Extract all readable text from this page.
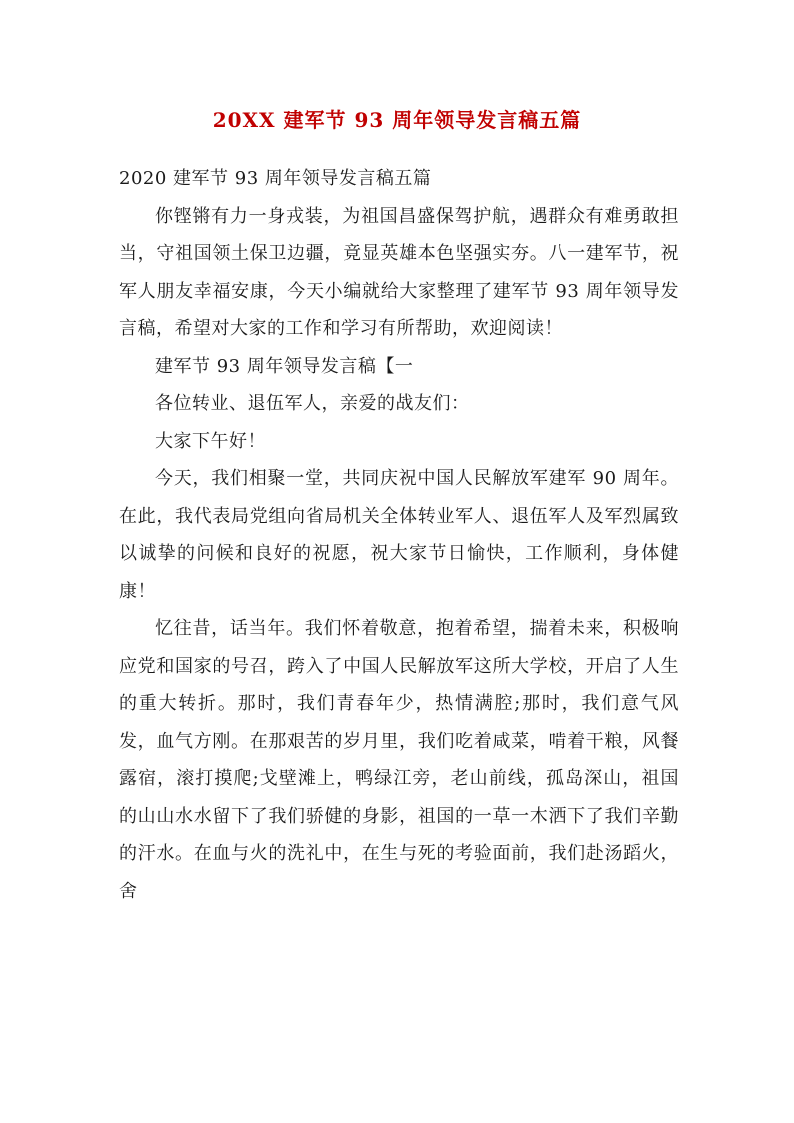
20XX 建军节 93 周年领导发言稿五篇

2020 建军节 93 周年领导发言稿五篇

你铿锵有力一身戎装，为祖国昌盛保驾护航，遇群众有难勇敢担当，守祖国领土保卫边疆，竟显英雄本色坚强实夯。八一建军节，祝军人朋友幸福安康，今天小编就给大家整理了建军节 93 周年领导发言稿，希望对大家的工作和学习有所帮助，欢迎阅读！

建军节 93 周年领导发言稿【一

各位转业、退伍军人，亲爱的战友们：

大家下午好！

今天，我们相聚一堂，共同庆祝中国人民解放军建军 90 周年。在此，我代表局党组向省局机关全体转业军人、退伍军人及军烈属致以诚挚的问候和良好的祝愿，祝大家节日愉快，工作顺利，身体健康！

忆往昔，话当年。我们怀着敬意，抱着希望，揣着未来，积极响应党和国家的号召，跨入了中国人民解放军这所大学校，开启了人生的重大转折。那时，我们青春年少，热情满腔;那时，我们意气风发，血气方刚。在那艰苦的岁月里，我们吃着咸菜，啃着干粮，风餐露宿，滚打摸爬;戈壁滩上，鸭绿江旁，老山前线，孤岛深山，祖国的山山水水留下了我们骄健的身影，祖国的一草一木洒下了我们辛勤的汗水。在血与火的洗礼中，在生与死的考验面前，我们赴汤蹈火，舍
